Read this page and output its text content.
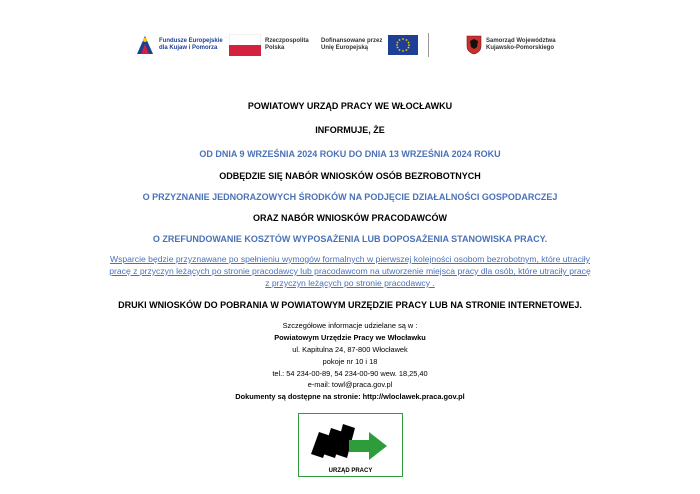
Fundusze Europejskie
dla Kujaw i Pomorza
Rzeczpospolita
Polska
Dofinansowane przez
Unię Europejską
Samorząd Województwa
Kujawsko-Pomorskiego
POWIATOWY URZĄD PRACY WE WŁOCŁAWKU
INFORMUJE, ŻE
OD DNIA 9 WRZEŚNIA 2024 ROKU DO DNIA 13 WRZEŚNIA 2024 ROKU
ODBĘDZIE SIĘ NABÓR WNIOSKÓW OSÓB BEZROBOTNYCH
O PRZYZNANIE JEDNORAZOWYCH ŚRODKÓW NA PODJĘCIE DZIAŁALNOŚCI GOSPODARCZEJ
ORAZ NABÓR WNIOSKÓW PRACODAWCÓW
O ZREFUNDOWANIE KOSZTÓW WYPOSAŻENIA LUB DOPOSAŻENIA STANOWISKA PRACY.
Wsparcie będzie przyznawane po spełnieniu wymogów formalnych w pierwszej kolejności osobom bezrobotnym, które utraciły
pracę z przyczyn leżących po stronie pracodawcy lub pracodawcom na utworzenie miejsca pracy dla osób, które utraciły pracę
z przyczyn leżących po stronie pracodawcy .
DRUKI WNIOSKÓW DO POBRANIA W POWIATOWYM URZĘDZIE PRACY LUB NA STRONIE INTERNETOWEJ.
Szczegółowe informacje udzielane są w :
Powiatowym Urzędzie Pracy we Włocławku
ul. Kapitulna 24, 87-800 Włocławek
pokoje nr 10 i 18
tel.: 54 234-00-89, 54 234-00-90 wew. 18,25,40
e-mail: towl@praca.gov.pl
Dokumenty są dostępne na stronie: http://wloclawek.praca.gov.pl
URZĄD PRACY
